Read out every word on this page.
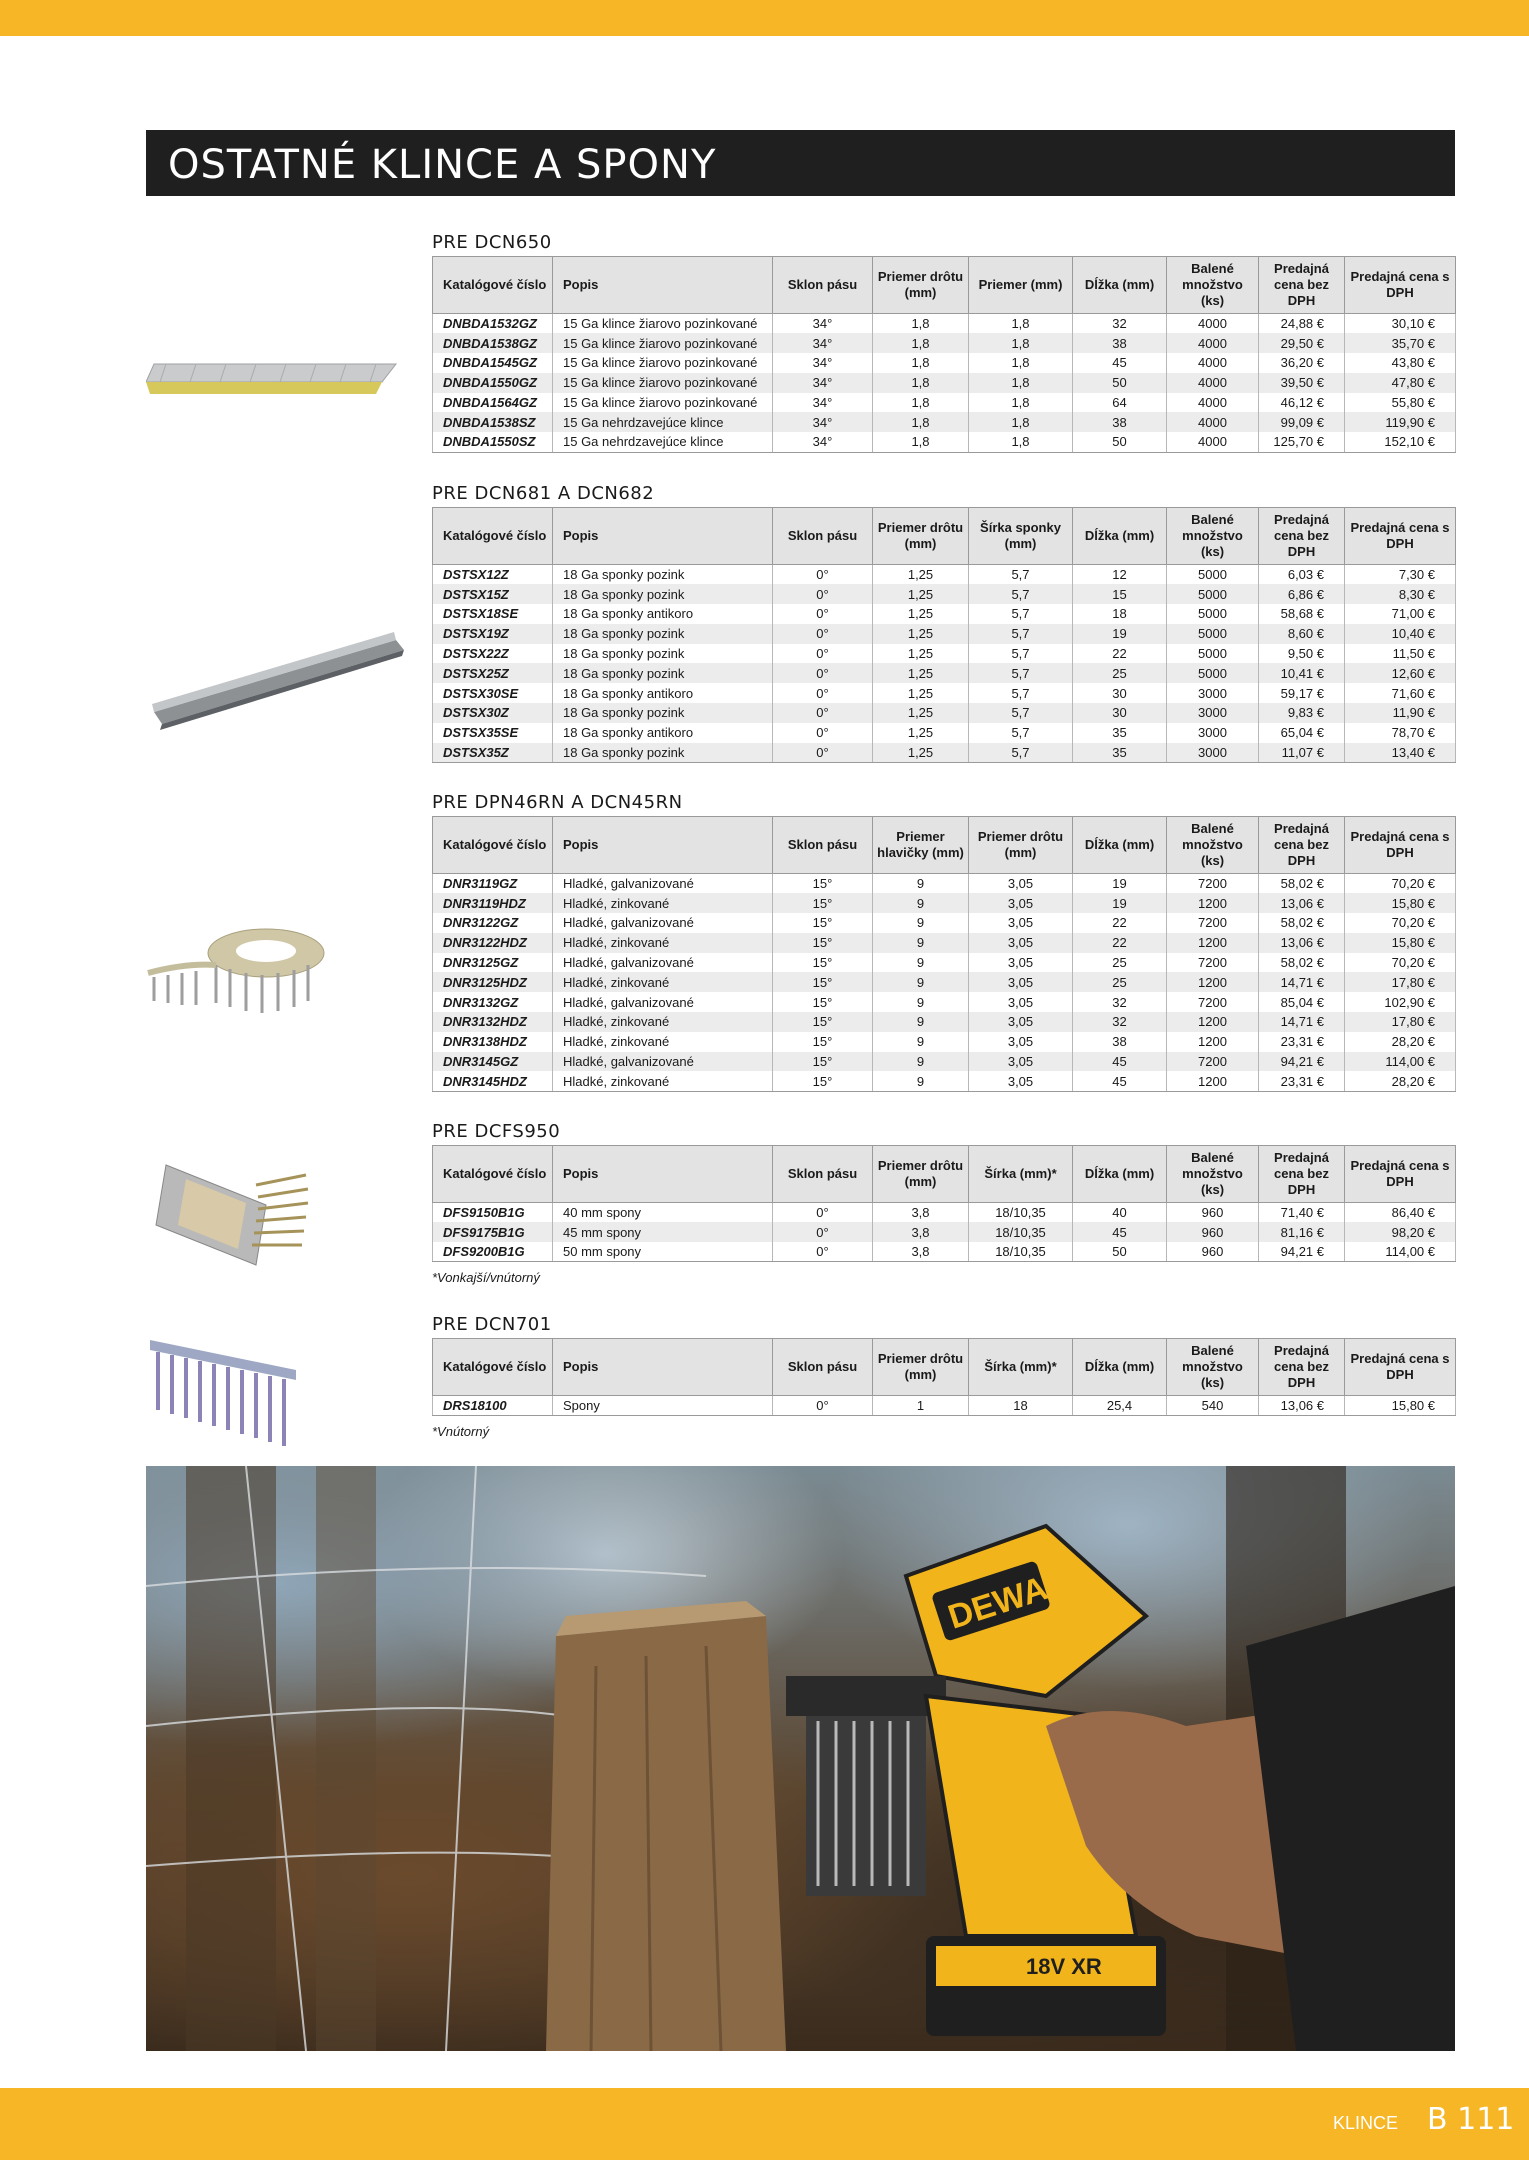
OSTATNÉ KLINCE A SPONY
PRE DCN650
Katalógové číslo	Popis	Sklon pásu	Priemer drôtu (mm)	Priemer (mm)	Dĺžka (mm)	Balené množstvo (ks)	Predajná cena bez DPH	Predajná cena s DPH
DNBDA1532GZ	15 Ga klince žiarovo pozinkované	34°	1,8	1,8	32	4000	24,88 €	30,10 €
DNBDA1538GZ	15 Ga klince žiarovo pozinkované	34°	1,8	1,8	38	4000	29,50 €	35,70 €
DNBDA1545GZ	15 Ga klince žiarovo pozinkované	34°	1,8	1,8	45	4000	36,20 €	43,80 €
DNBDA1550GZ	15 Ga klince žiarovo pozinkované	34°	1,8	1,8	50	4000	39,50 €	47,80 €
DNBDA1564GZ	15 Ga klince žiarovo pozinkované	34°	1,8	1,8	64	4000	46,12 €	55,80 €
DNBDA1538SZ	15 Ga nehrdzavejúce klince	34°	1,8	1,8	38	4000	99,09 €	119,90 €
DNBDA1550SZ	15 Ga nehrdzavejúce klince	34°	1,8	1,8	50	4000	125,70 €	152,10 €
PRE DCN681 A DCN682
Katalógové číslo	Popis	Sklon pásu	Priemer drôtu (mm)	Šírka sponky (mm)	Dĺžka (mm)	Balené množstvo (ks)	Predajná cena bez DPH	Predajná cena s DPH
DSTSX12Z	18 Ga sponky pozink	0°	1,25	5,7	12	5000	6,03 €	7,30 €
DSTSX15Z	18 Ga sponky pozink	0°	1,25	5,7	15	5000	6,86 €	8,30 €
DSTSX18SE	18 Ga sponky antikoro	0°	1,25	5,7	18	5000	58,68 €	71,00 €
DSTSX19Z	18 Ga sponky pozink	0°	1,25	5,7	19	5000	8,60 €	10,40 €
DSTSX22Z	18 Ga sponky pozink	0°	1,25	5,7	22	5000	9,50 €	11,50 €
DSTSX25Z	18 Ga sponky pozink	0°	1,25	5,7	25	5000	10,41 €	12,60 €
DSTSX30SE	18 Ga sponky antikoro	0°	1,25	5,7	30	3000	59,17 €	71,60 €
DSTSX30Z	18 Ga sponky pozink	0°	1,25	5,7	30	3000	9,83 €	11,90 €
DSTSX35SE	18 Ga sponky antikoro	0°	1,25	5,7	35	3000	65,04 €	78,70 €
DSTSX35Z	18 Ga sponky pozink	0°	1,25	5,7	35	3000	11,07 €	13,40 €
PRE DPN46RN A DCN45RN
Katalógové číslo	Popis	Sklon pásu	Priemer hlavičky (mm)	Priemer drôtu (mm)	Dĺžka (mm)	Balené množstvo (ks)	Predajná cena bez DPH	Predajná cena s DPH
DNR3119GZ	Hladké, galvanizované	15°	9	3,05	19	7200	58,02 €	70,20 €
DNR3119HDZ	Hladké, zinkované	15°	9	3,05	19	1200	13,06 €	15,80 €
DNR3122GZ	Hladké, galvanizované	15°	9	3,05	22	7200	58,02 €	70,20 €
DNR3122HDZ	Hladké, zinkované	15°	9	3,05	22	1200	13,06 €	15,80 €
DNR3125GZ	Hladké, galvanizované	15°	9	3,05	25	7200	58,02 €	70,20 €
DNR3125HDZ	Hladké, zinkované	15°	9	3,05	25	1200	14,71 €	17,80 €
DNR3132GZ	Hladké, galvanizované	15°	9	3,05	32	7200	85,04 €	102,90 €
DNR3132HDZ	Hladké, zinkované	15°	9	3,05	32	1200	14,71 €	17,80 €
DNR3138HDZ	Hladké, zinkované	15°	9	3,05	38	1200	23,31 €	28,20 €
DNR3145GZ	Hladké, galvanizované	15°	9	3,05	45	7200	94,21 €	114,00 €
DNR3145HDZ	Hladké, zinkované	15°	9	3,05	45	1200	23,31 €	28,20 €
PRE DCFS950
Katalógové číslo	Popis	Sklon pásu	Priemer drôtu (mm)	Šírka (mm)*	Dĺžka (mm)	Balené množstvo (ks)	Predajná cena bez DPH	Predajná cena s DPH
DFS9150B1G	40 mm spony	0°	3,8	18/10,35	40	960	71,40 €	86,40 €
DFS9175B1G	45 mm spony	0°	3,8	18/10,35	45	960	81,16 €	98,20 €
DFS9200B1G	50 mm spony	0°	3,8	18/10,35	50	960	94,21 €	114,00 €
*Vonkajší/vnútorný
PRE DCN701
Katalógové číslo	Popis	Sklon pásu	Priemer drôtu (mm)	Šírka (mm)*	Dĺžka (mm)	Balené množstvo (ks)	Predajná cena bez DPH	Predajná cena s DPH
DRS18100	Spony	0°	1	18	25,4	540	13,06 €	15,80 €
*Vnútorný
DEWALT
18V XR
KLINCE B 111
